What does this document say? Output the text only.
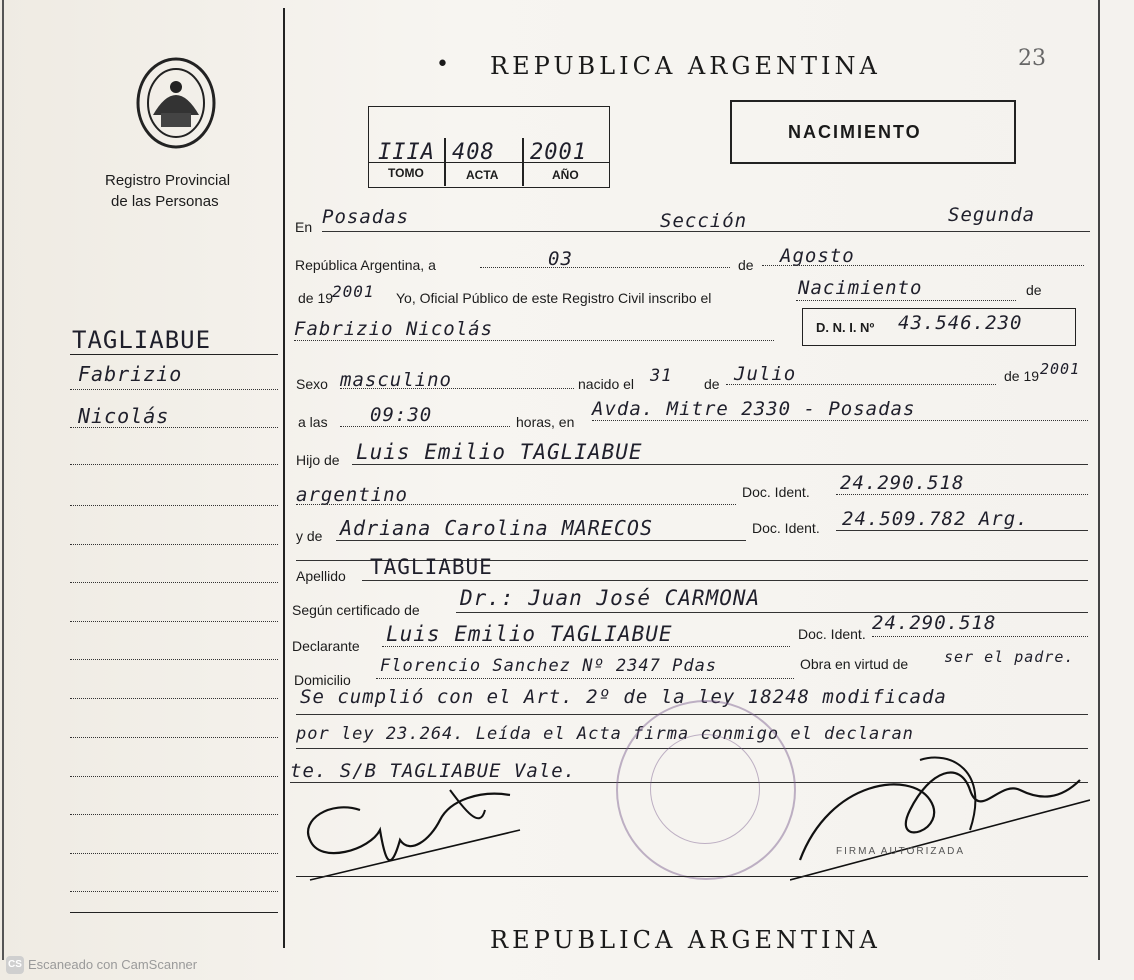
Registro Provincial
de las Personas
• REPUBLICA ARGENTINA	23
IIIA 408 2001
TOMO	ACTA	AÑO
NACIMIENTO
TAGLIABUE
Fabrizio
Nicolás
En Posadas	Sección	Segunda
República Argentina, a	03	de Agosto
de 19
2001 Yo, Oficial Público de este Registro Civil inscribo el	Nacimiento	de
Fabrizio Nicolás	D. N. I. Nº 43.546.230
Sexo masculino	nacido el 31 de Julio	de 19 2001
a las 09:30	horas, en
Avda. Mitre 2330 - Posadas
Hijo de Luis Emilio TAGLIABUE
argentino	Doc. Ident. 24.290.518
y de Adriana Carolina MARECOS	Doc. Ident. 24.509.782 Arg.
Apellido TAGLIABUE
Según certificado de Dr.: Juan José CARMONA
Declarante Luis Emilio TAGLIABUE	Doc. Ident. 24.290.518
Domicilio
Florencio Sanchez Nº 2347 Pdas	Obra en virtud de ser el padre.
Se cumplió con el Art. 2º de la ley 18248 modificada
por ley 23.264. Leída el Acta firma conmigo el declaran
te. S/B TAGLIABUE Vale.
FIRMA AUTORIZADA
REPUBLICA ARGENTINA
CS Escaneado con CamScanner
